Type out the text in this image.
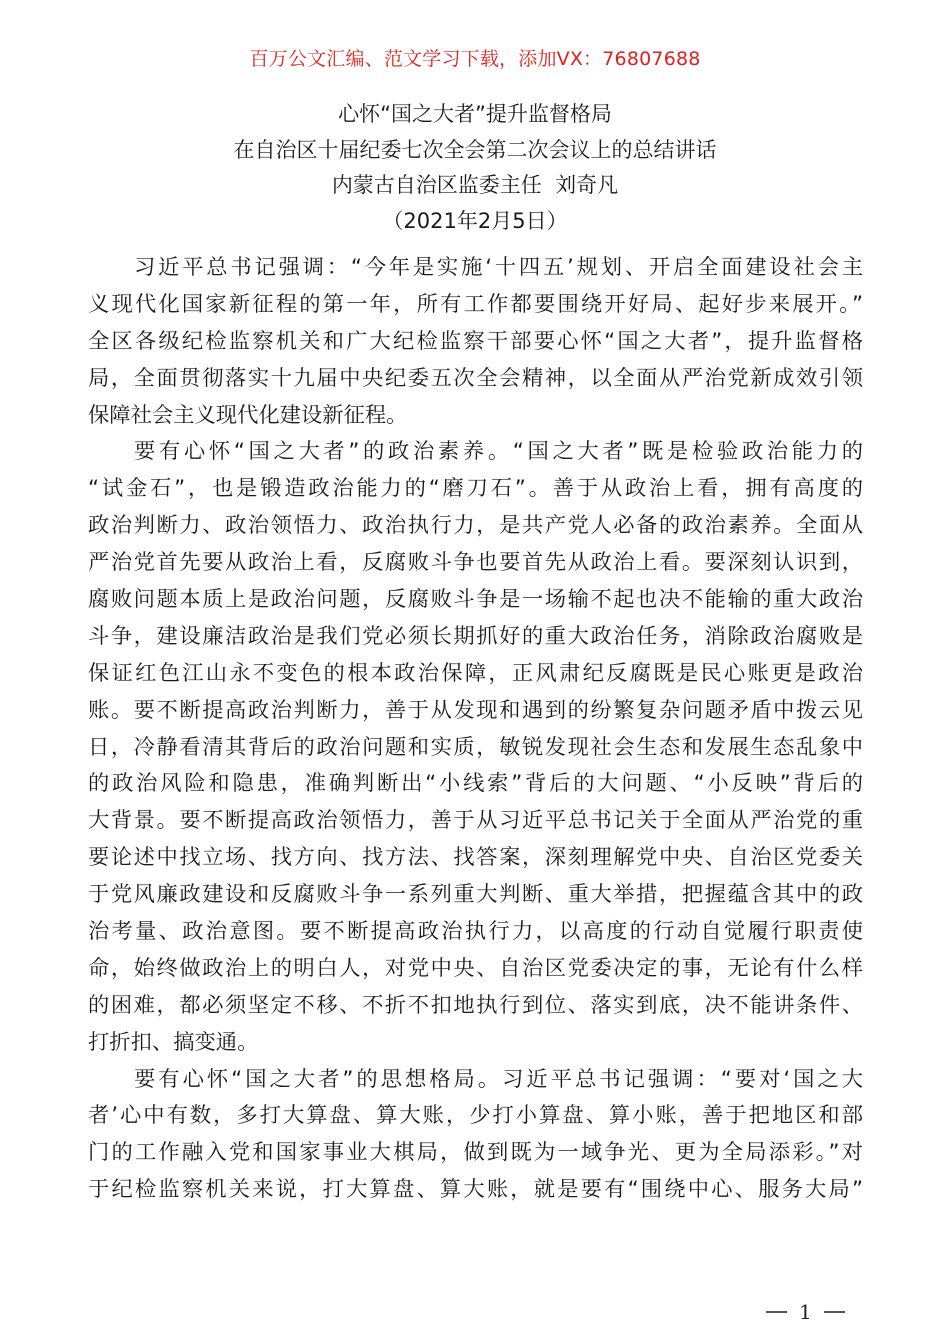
百万公文汇编、范文学习下载，添加VX：76807688
心怀“国之大者”提升监督格局
在自治区十届纪委七次全会第二次会议上的总结讲话
内蒙古自治区监委主任  刘奇凡
（2021年2月5日）
习近平总书记强调：“今年是实施‘十四五’规划、开启全面建设社会主
义现代化国家新征程的第一年，所有工作都要围绕开好局、起好步来展开。”
全区各级纪检监察机关和广大纪检监察干部要心怀“国之大者”，提升监督格
局，全面贯彻落实十九届中央纪委五次全会精神，以全面从严治党新成效引领
保障社会主义现代化建设新征程。
要有心怀“国之大者”的政治素养。“国之大者”既是检验政治能力的
“试金石”，也是锻造政治能力的“磨刀石”。善于从政治上看，拥有高度的
政治判断力、政治领悟力、政治执行力，是共产党人必备的政治素养。全面从
严治党首先要从政治上看，反腐败斗争也要首先从政治上看。要深刻认识到，
腐败问题本质上是政治问题，反腐败斗争是一场输不起也决不能输的重大政治
斗争，建设廉洁政治是我们党必须长期抓好的重大政治任务，消除政治腐败是
保证红色江山永不变色的根本政治保障，正风肃纪反腐既是民心账更是政治
账。要不断提高政治判断力，善于从发现和遇到的纷繁复杂问题矛盾中拨云见
日，冷静看清其背后的政治问题和实质，敏锐发现社会生态和发展生态乱象中
的政治风险和隐患，准确判断出“小线索”背后的大问题、“小反映”背后的
大背景。要不断提高政治领悟力，善于从习近平总书记关于全面从严治党的重
要论述中找立场、找方向、找方法、找答案，深刻理解党中央、自治区党委关
于党风廉政建设和反腐败斗争一系列重大判断、重大举措，把握蕴含其中的政
治考量、政治意图。要不断提高政治执行力，以高度的行动自觉履行职责使
命，始终做政治上的明白人，对党中央、自治区党委决定的事，无论有什么样
的困难，都必须坚定不移、不折不扣地执行到位、落实到底，决不能讲条件、
打折扣、搞变通。
要有心怀“国之大者”的思想格局。习近平总书记强调：“要对‘国之大
者’心中有数，多打大算盘、算大账，少打小算盘、算小账，善于把地区和部
门的工作融入党和国家事业大棋局，做到既为一域争光、更为全局添彩。”对
于纪检监察机关来说，打大算盘、算大账，就是要有“围绕中心、服务大局”
1
